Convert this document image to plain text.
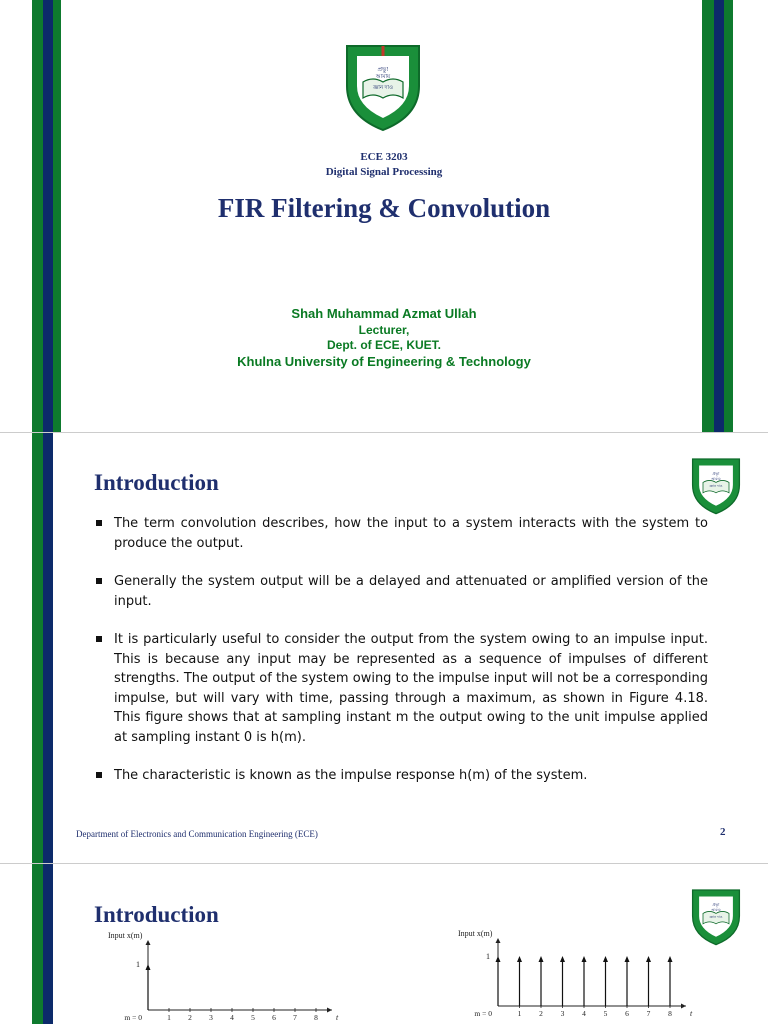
প্রভু!
আমায়
জ্ঞান দাও
ECE 3203
Digital Signal Processing
FIR Filtering & Convolution
Shah Muhammad Azmat Ullah
Lecturer,
Dept. of ECE, KUET.
Khulna University of Engineering & Technology
প্রভু!
আমায়
জ্ঞান দাও
Introduction
The term convolution describes, how the input to a system interacts with the system to produce the output.
Generally the system output will be a delayed and attenuated or amplified version of the input.
It is particularly useful to consider the output from the system owing to an impulse input. This is because any input may be represented as a sequence of impulses of different strengths. The output of the system owing to the impulse input will not be a corresponding impulse, but will vary with time, passing through a maximum, as shown in Figure 4.18. This figure shows that at sampling instant m the output owing to the unit impulse applied at sampling instant 0 is h(m).
The characteristic is known as the impulse response h(m) of the system.
Department of Electronics and Communication Engineering (ECE)	2
প্রভু!
আমায়
জ্ঞান দাও
Introduction
Input x(m)
1
m = 0	1 2 3 4 5 6 7 8 t
Input x(m)
1
m = 0	1 2 3 4 5 6 7 8 t
